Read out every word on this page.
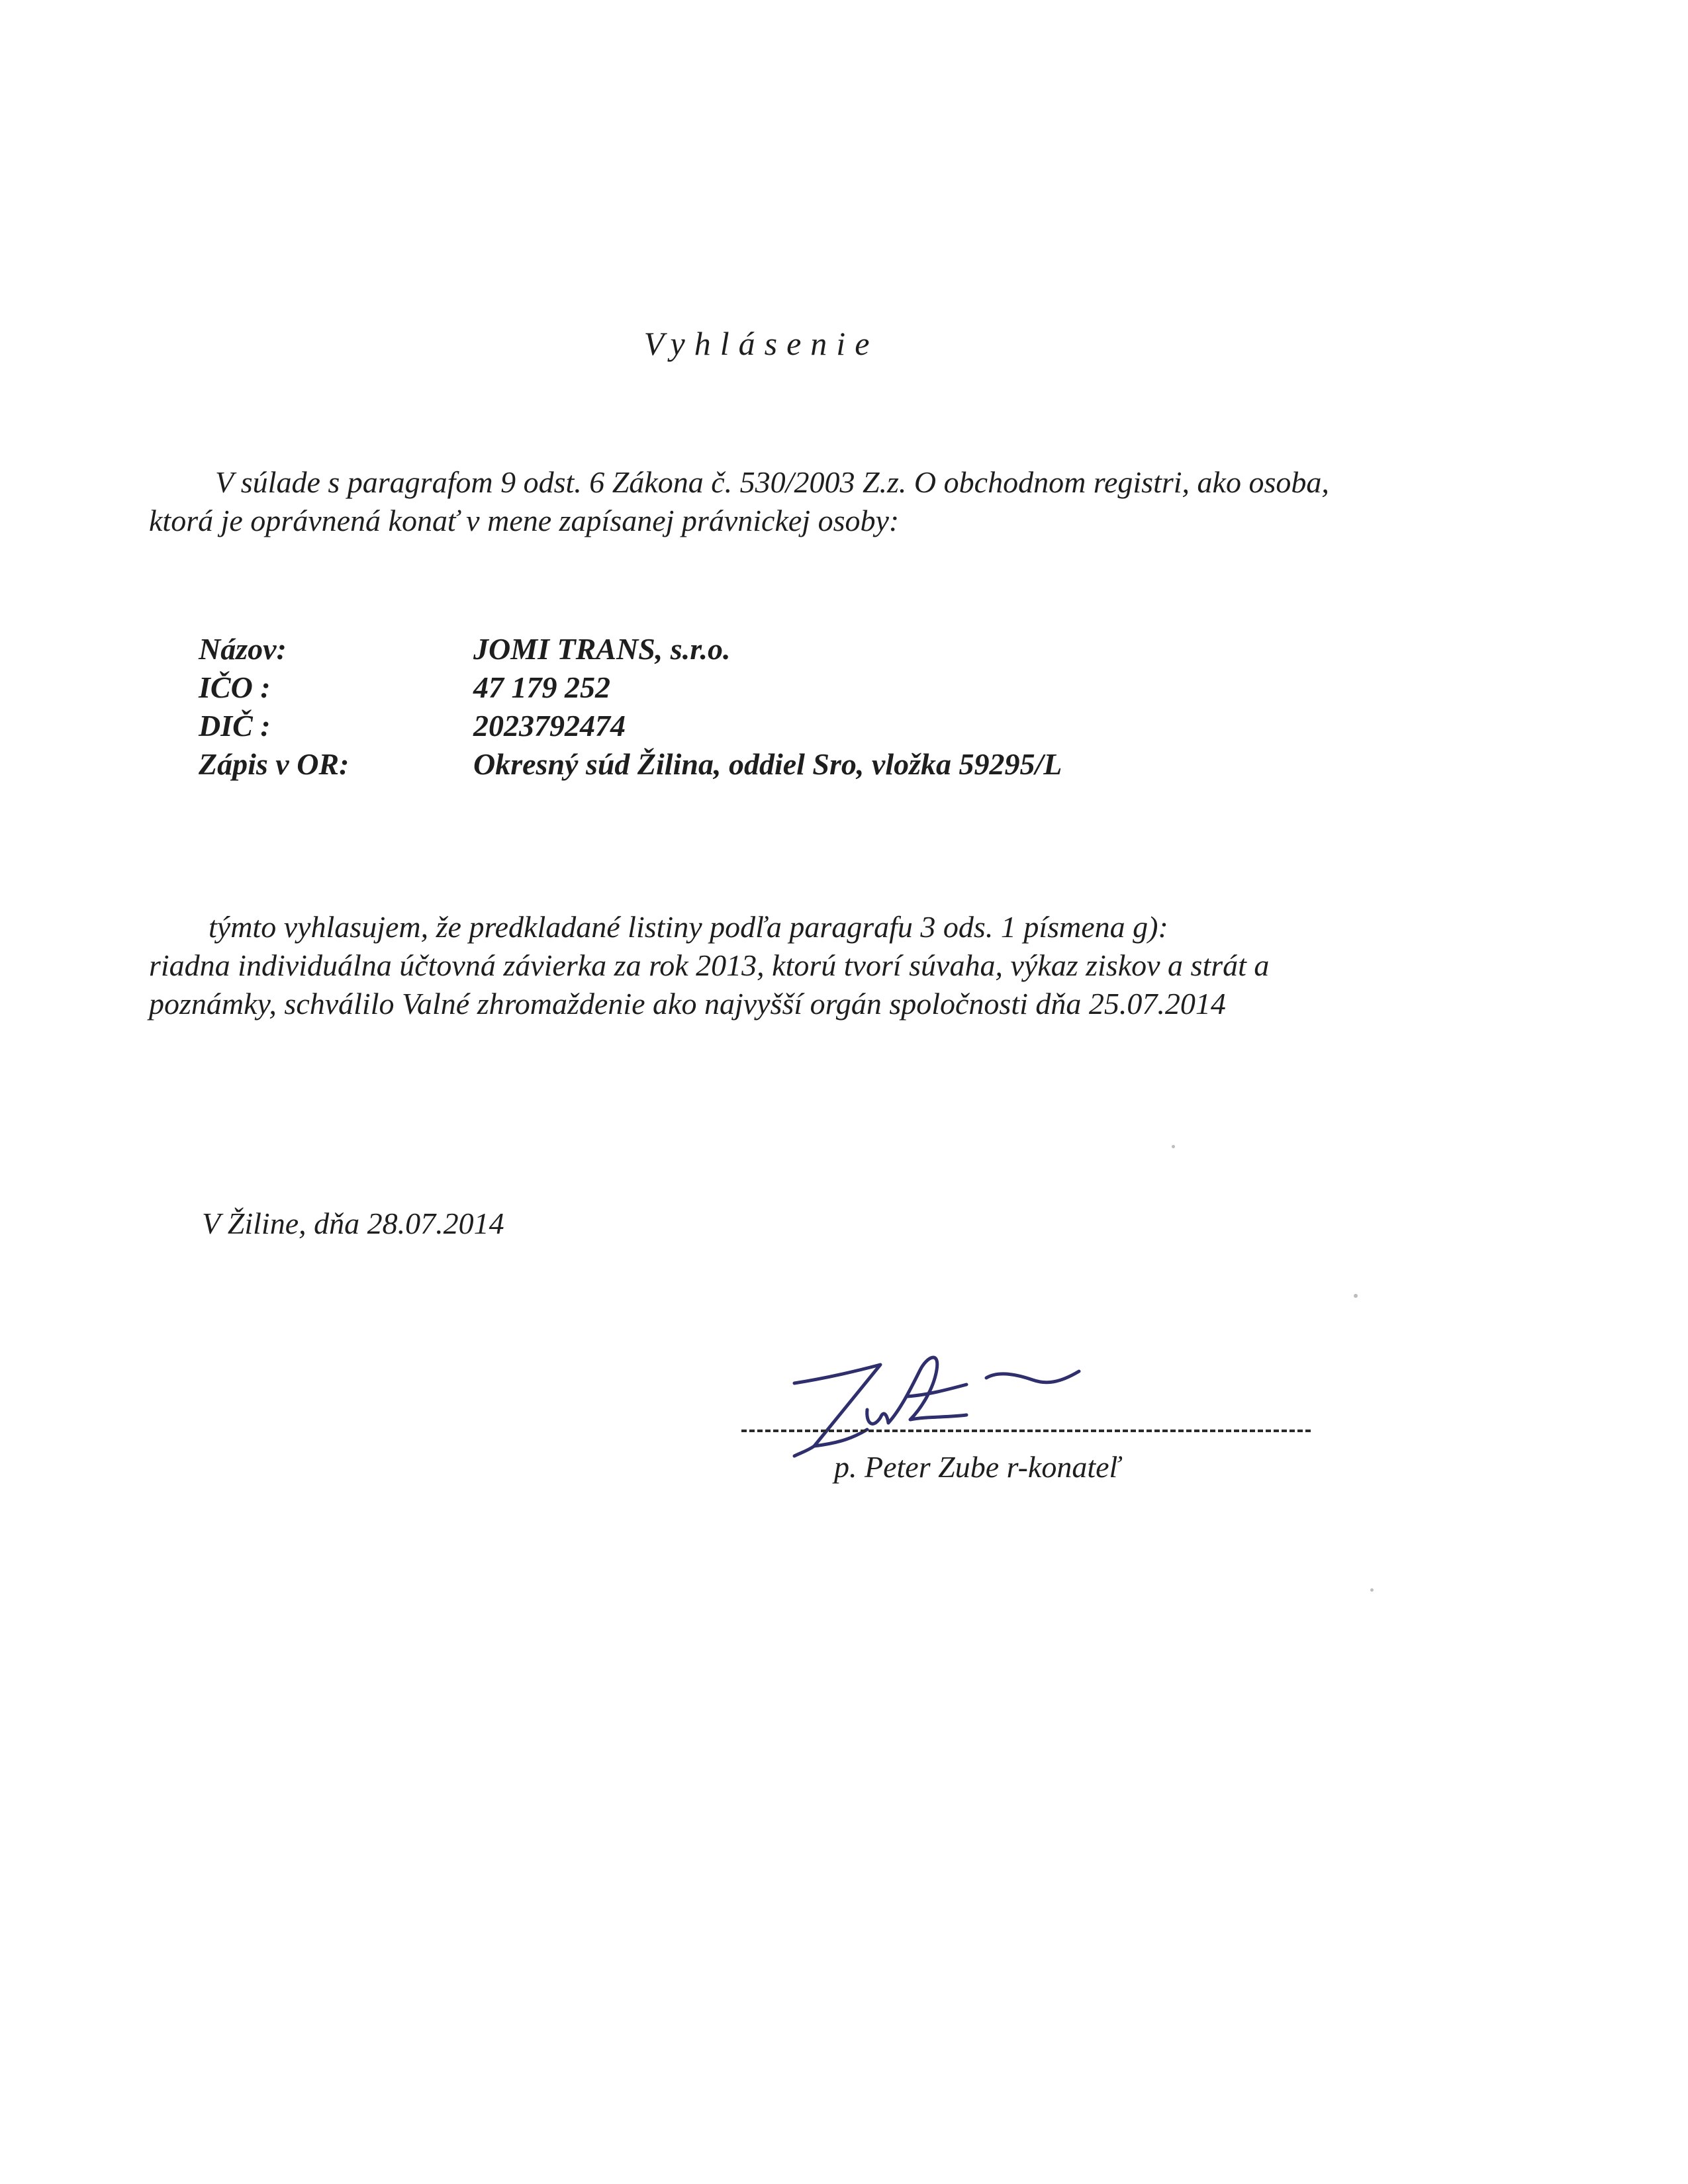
Vyhlásenie
V súlade s paragrafom 9 odst. 6 Zákona č. 530/2003 Z.z. O obchodnom registri, ako osoba,
ktorá je oprávnená konať v mene zapísanej právnickej osoby:
Názov:	JOMI TRANS, s.r.o.
IČO :	47 179 252
DIČ :	2023792474
Zápis v OR:	Okresný súd Žilina, oddiel Sro, vložka 59295/L
týmto vyhlasujem, že predkladané listiny podľa paragrafu 3 ods. 1 písmena g):
riadna individuálna účtovná závierka za rok 2013, ktorú tvorí súvaha, výkaz ziskov a strát a
poznámky, schválilo Valné zhromaždenie ako najvyšší orgán spoločnosti dňa 25.07.2014
V Žiline, dňa 28.07.2014
p. Peter Zube r-konateľ
